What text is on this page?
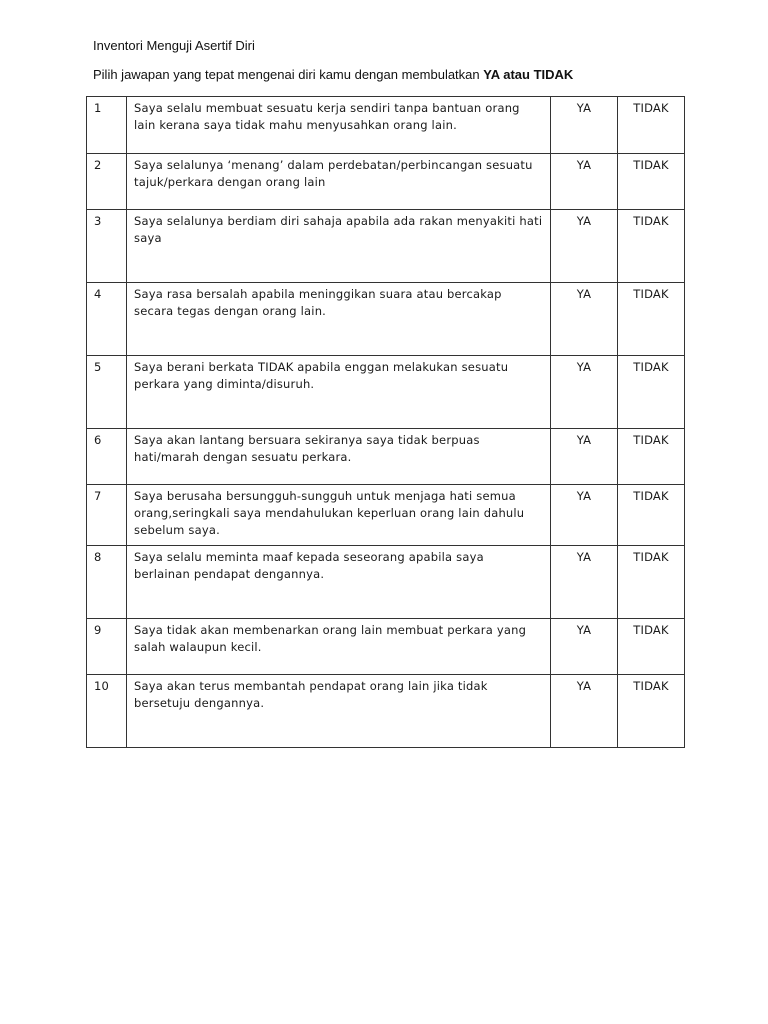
Inventori Menguji Asertif Diri
Pilih jawapan yang tepat mengenai diri kamu dengan membulatkan YA atau TIDAK
1	Saya selalu membuat sesuatu kerja sendiri tanpa bantuan orang lain kerana saya tidak mahu menyusahkan orang lain.	YA	TIDAK
2	Saya selalunya ‘menang’ dalam perdebatan/perbincangan sesuatu tajuk/perkara dengan orang lain	YA	TIDAK
3	Saya selalunya berdiam diri sahaja apabila ada rakan menyakiti hati saya	YA	TIDAK
4	Saya rasa bersalah apabila meninggikan suara atau bercakap secara tegas dengan orang lain.	YA	TIDAK
5	Saya berani berkata TIDAK apabila enggan melakukan sesuatu perkara yang diminta/disuruh.	YA	TIDAK
6	Saya akan lantang bersuara sekiranya saya tidak berpuas hati/marah dengan sesuatu perkara.	YA	TIDAK
7	Saya berusaha bersungguh-sungguh untuk menjaga hati semua orang,seringkali saya mendahulukan keperluan orang lain dahulu sebelum saya.	YA	TIDAK
8	Saya selalu meminta maaf kepada seseorang apabila saya berlainan pendapat dengannya.	YA	TIDAK
9	Saya tidak akan membenarkan orang lain membuat perkara yang salah walaupun kecil.	YA	TIDAK
10	Saya akan terus membantah pendapat orang lain jika tidak bersetuju dengannya.	YA	TIDAK
